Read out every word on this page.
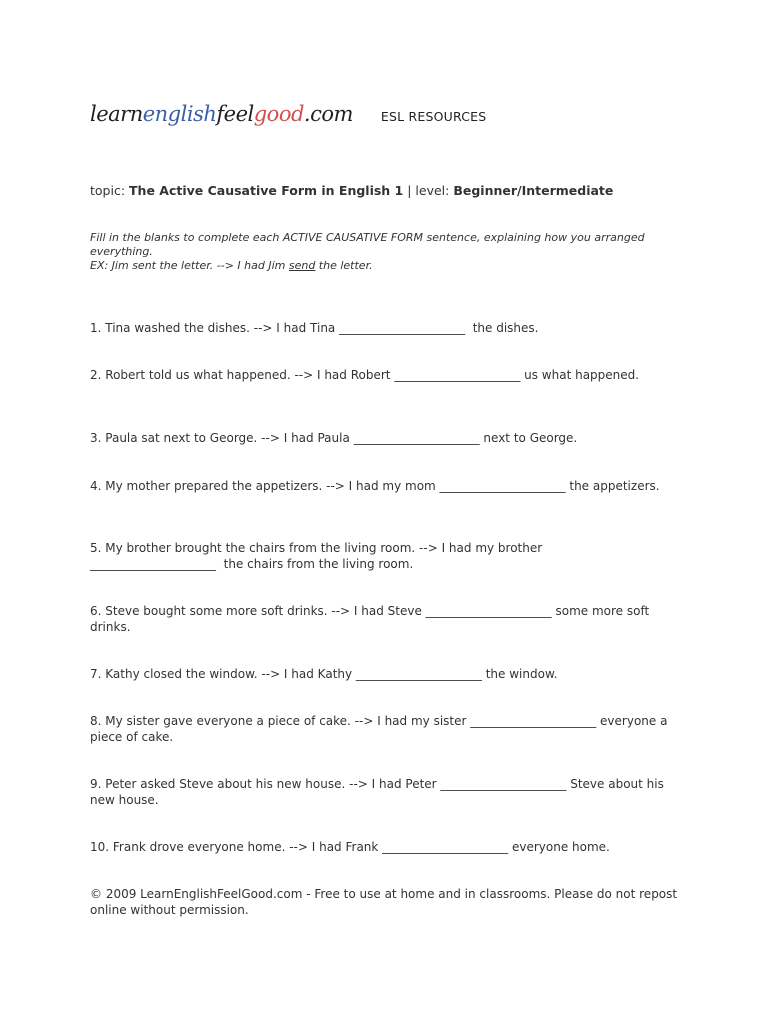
learnenglishfeelgood.com ESL RESOURCES
topic: The Active Causative Form in English 1 | level: Beginner/Intermediate
Fill in the blanks to complete each ACTIVE CAUSATIVE FORM sentence, explaining how you arranged everything.
EX: Jim sent the letter. --> I had Jim send the letter.
1. Tina washed the dishes. --> I had Tina _____________________  the dishes.
2. Robert told us what happened. --> I had Robert _____________________ us what happened.
3. Paula sat next to George. --> I had Paula _____________________ next to George.
4. My mother prepared the appetizers. --> I had my mom _____________________ the appetizers.
5. My brother brought the chairs from the living room. --> I had my brother
_____________________  the chairs from the living room.
6. Steve bought some more soft drinks. --> I had Steve _____________________ some more soft drinks.
7. Kathy closed the window. --> I had Kathy _____________________ the window.
8. My sister gave everyone a piece of cake. --> I had my sister _____________________ everyone a piece of cake.
9. Peter asked Steve about his new house. --> I had Peter _____________________ Steve about his new house.
10. Frank drove everyone home. --> I had Frank _____________________ everyone home.
© 2009 LearnEnglishFeelGood.com - Free to use at home and in classrooms. Please do not repost online without permission.
